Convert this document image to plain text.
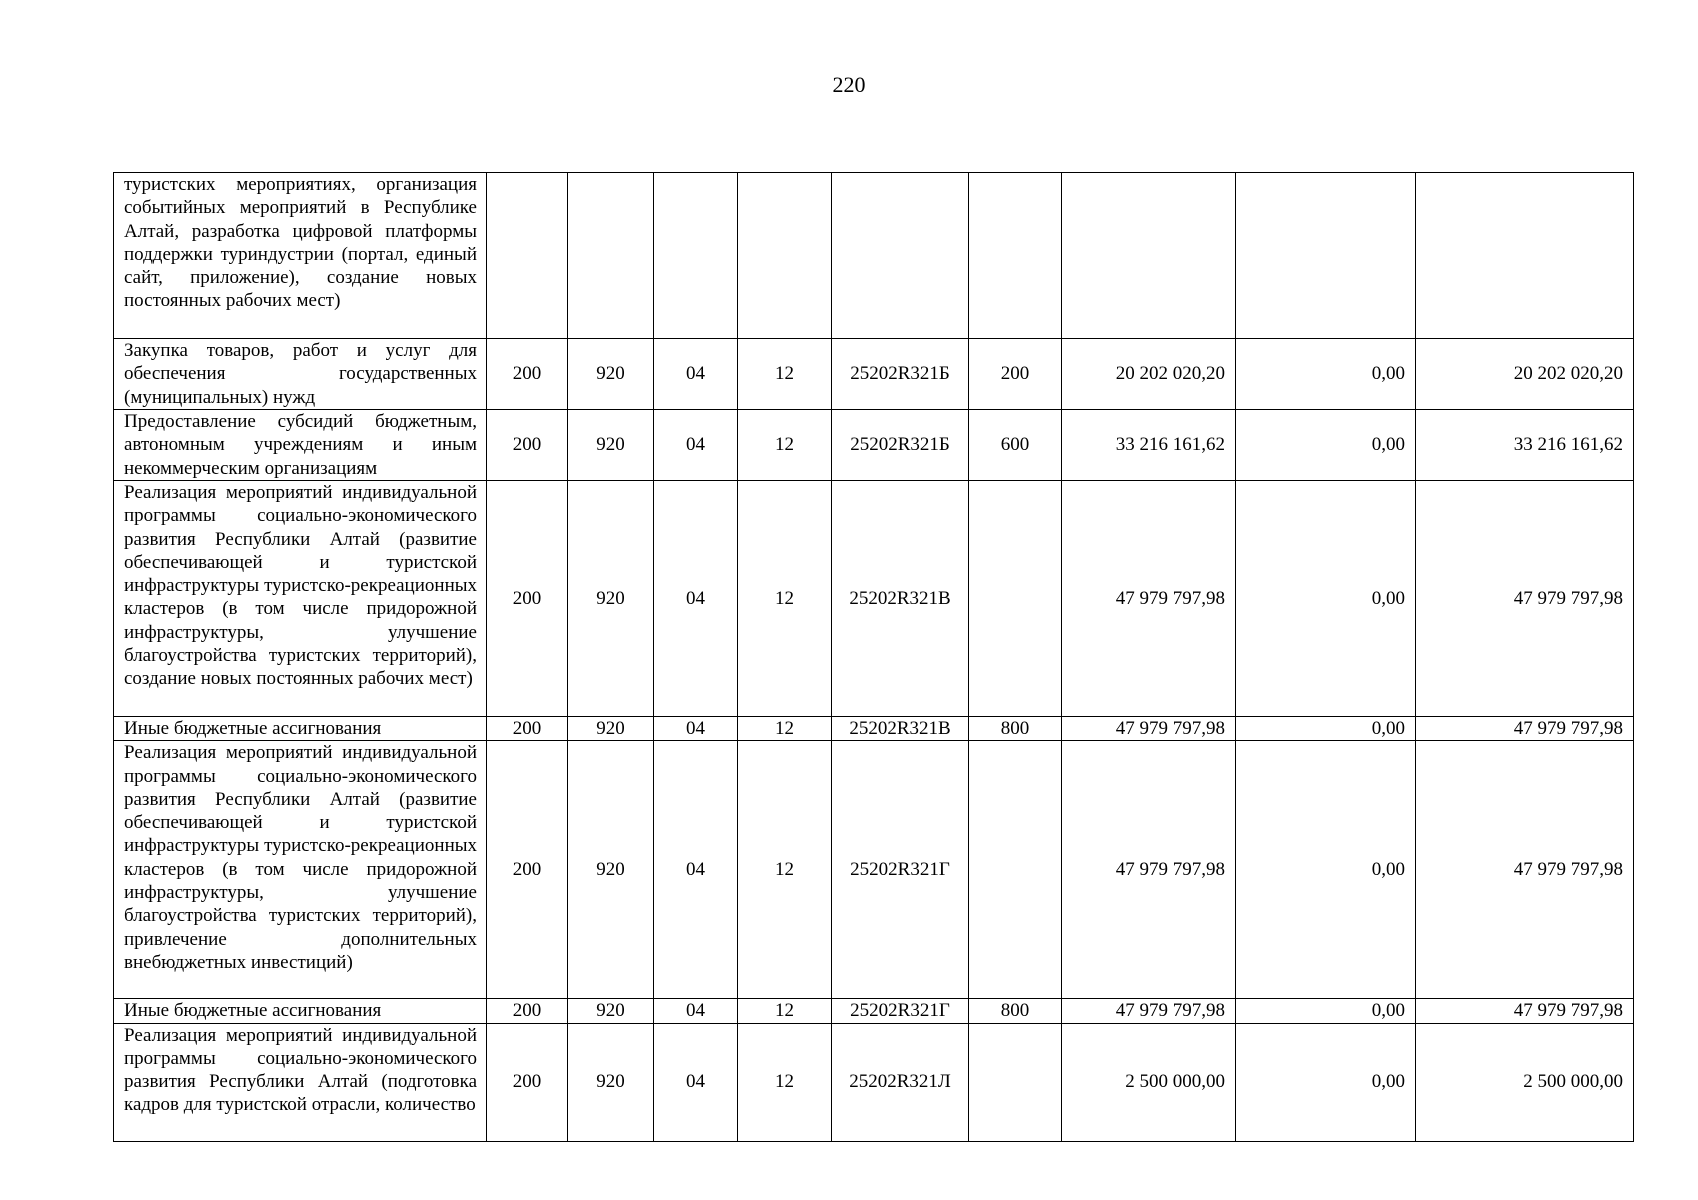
220
туристских мероприятиях, организация событийных мероприятий в Республике Алтай, разработка цифровой платформы поддержки туриндустрии (портал, единый сайт, приложение), создание новых постоянных рабочих мест)									
Закупка товаров, работ и услуг для обеспечения государственных (муниципальных) нужд	200	920	04	12	25202R321Б	200	20 202 020,20	0,00	20 202 020,20
Предоставление субсидий бюджетным, автономным учреждениям и иным некоммерческим организациям	200	920	04	12	25202R321Б	600	33 216 161,62	0,00	33 216 161,62
Реализация мероприятий индивидуальной программы социально-экономического развития Республики Алтай (развитие обеспечивающей и туристской инфраструктуры туристско-рекреационных кластеров (в том числе придорожной инфраструктуры, улучшение благоустройства туристских территорий), создание новых постоянных рабочих мест)	200	920	04	12	25202R321В		47 979 797,98	0,00	47 979 797,98
Иные бюджетные ассигнования	200	920	04	12	25202R321В	800	47 979 797,98	0,00	47 979 797,98
Реализация мероприятий индивидуальной программы социально-экономического развития Республики Алтай (развитие обеспечивающей и туристской инфраструктуры туристско-рекреационных кластеров (в том числе придорожной инфраструктуры, улучшение благоустройства туристских территорий), привлечение дополнительных внебюджетных инвестиций)	200	920	04	12	25202R321Г		47 979 797,98	0,00	47 979 797,98
Иные бюджетные ассигнования	200	920	04	12	25202R321Г	800	47 979 797,98	0,00	47 979 797,98
Реализация мероприятий индивидуальной программы социально-экономического развития Республики Алтай (подготовка кадров для туристской отрасли, количество	200	920	04	12	25202R321Л		2 500 000,00	0,00	2 500 000,00
